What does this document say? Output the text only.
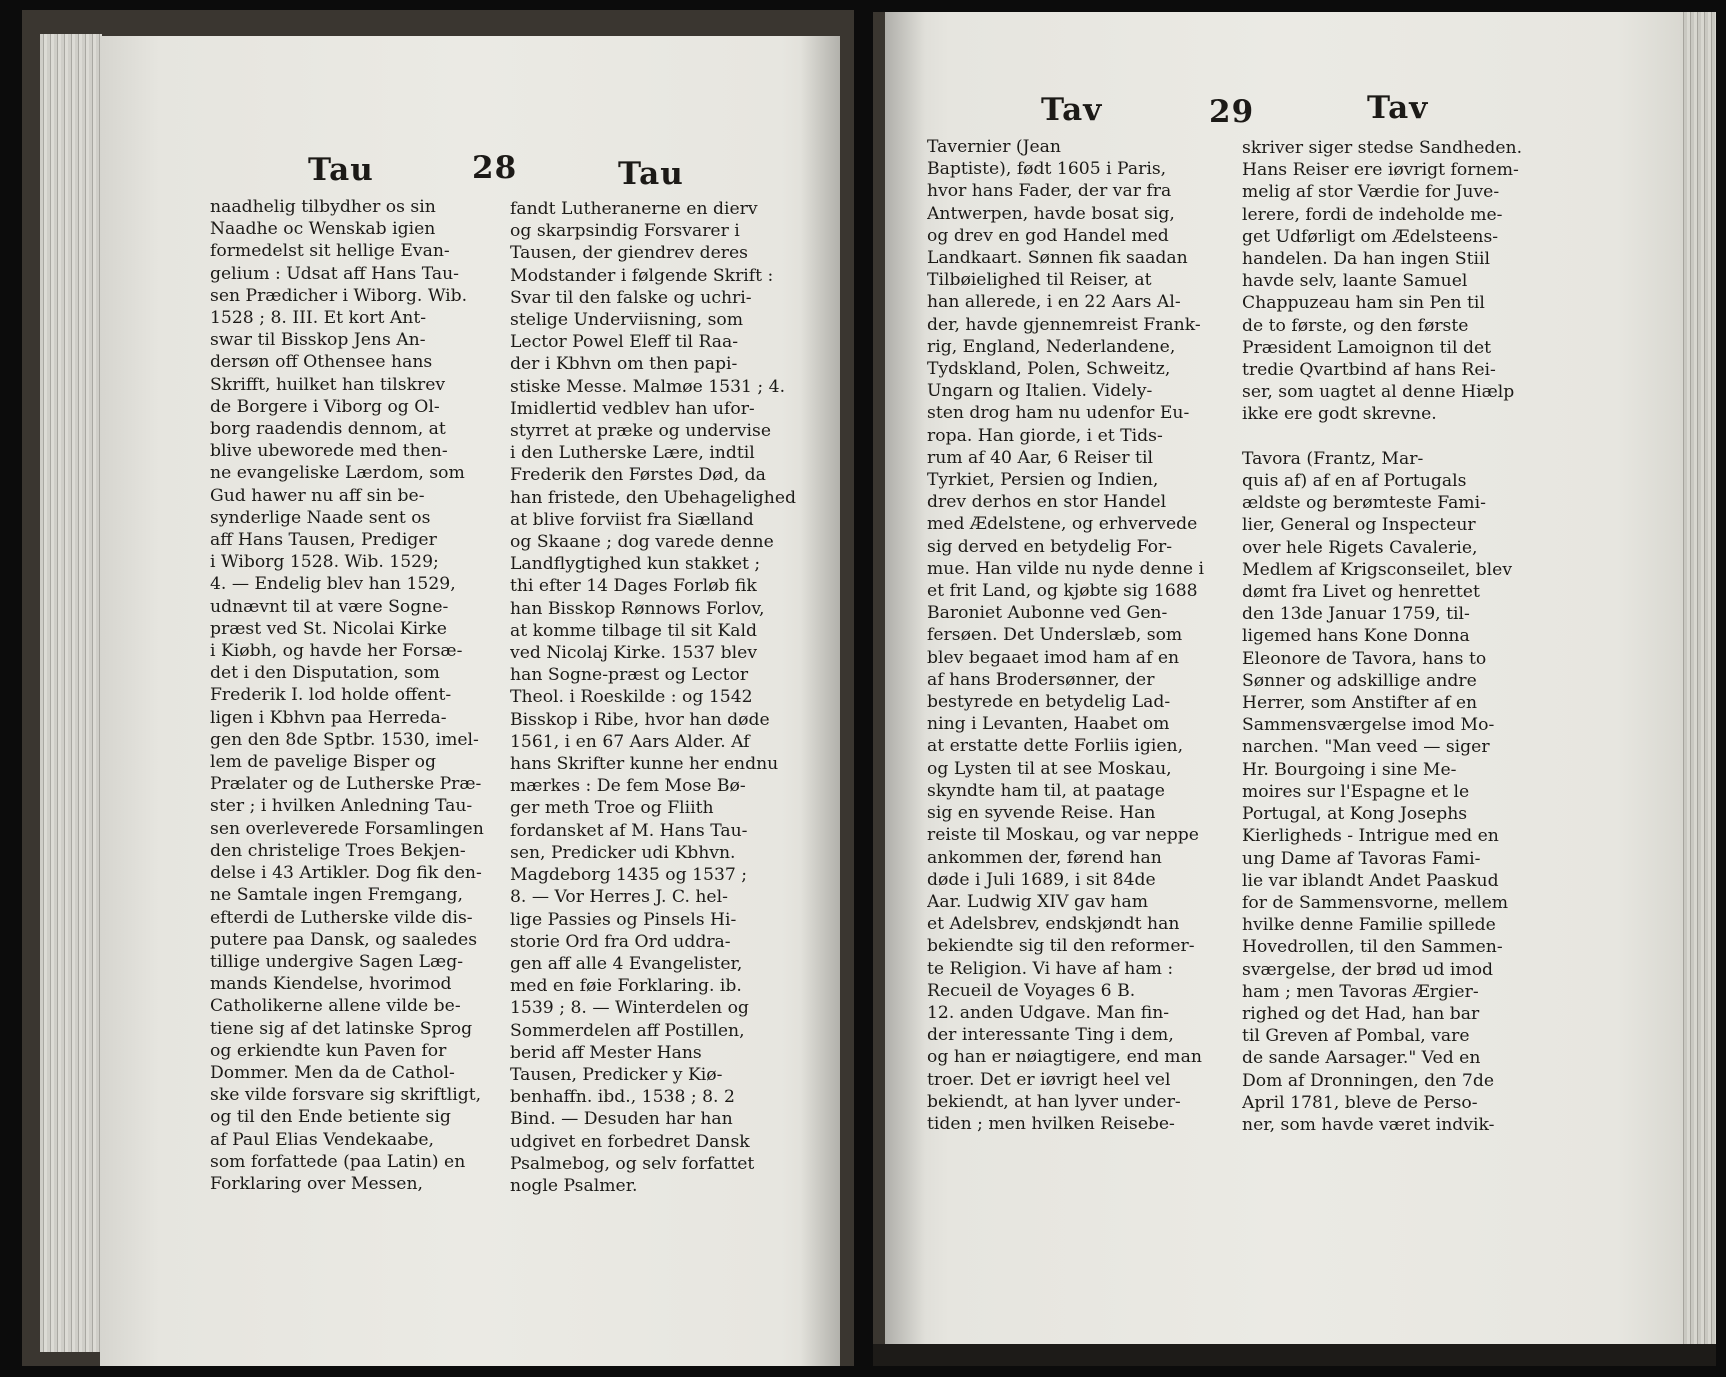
Tau	28	Tau
naadhelig tilbydher os sin
Naadhe oc Wenskab igien
formedelst sit hellige Evan-
gelium : Udsat aff Hans Tau-
sen Prædicher i Wiborg. Wib.
1528 ; 8. III. Et kort Ant-
swar til Bisskop Jens An-
dersøn off Othensee hans
Skrifft, huilket han tilskrev
de Borgere i Viborg og Ol-
borg raadendis dennom, at
blive ubeworede med then-
ne evangeliske Lærdom, som
Gud hawer nu aff sin be-
synderlige Naade sent os
aff Hans Tausen, Prediger
i Wiborg 1528. Wib. 1529;
4. — Endelig blev han 1529,
udnævnt til at være Sogne-
præst ved St. Nicolai Kirke
i Kiøbh, og havde her Forsæ-
det i den Disputation, som
Frederik I. lod holde offent-
ligen i Kbhvn paa Herreda-
gen den 8de Sptbr. 1530, imel-
lem de pavelige Bisper og
Prælater og de Lutherske Præ-
ster ; i hvilken Anledning Tau-
sen overleverede Forsamlingen
den christelige Troes Bekjen-
delse i 43 Artikler. Dog fik den-
ne Samtale ingen Fremgang,
efterdi de Lutherske vilde dis-
putere paa Dansk, og saaledes
tillige undergive Sagen Læg-
mands Kiendelse, hvorimod
Catholikerne allene vilde be-
tiene sig af det latinske Sprog
og erkiendte kun Paven for
Dommer. Men da de Cathol-
ske vilde forsvare sig skriftligt,
og til den Ende betiente sig
af Paul Elias Vendekaabe,
som forfattede (paa Latin) en
Forklaring over Messen,
fandt Lutheranerne en dierv
og skarpsindig Forsvarer i
Tausen, der giendrev deres
Modstander i følgende Skrift :
Svar til den falske og uchri-
stelige Underviisning, som
Lector Powel Eleff til Raa-
der i Kbhvn om then papi-
stiske Messe. Malmøe 1531 ; 4.
Imidlertid vedblev han ufor-
styrret at præke og undervise
i den Lutherske Lære, indtil
Frederik den Førstes Død, da
han fristede, den Ubehagelighed
at blive forviist fra Siælland
og Skaane ; dog varede denne
Landflygtighed kun stakket ;
thi efter 14 Dages Forløb fik
han Bisskop Rønnows Forlov,
at komme tilbage til sit Kald
ved Nicolaj Kirke. 1537 blev
han Sogne-præst og Lector
Theol. i Roeskilde : og 1542
Bisskop i Ribe, hvor han døde
1561, i en 67 Aars Alder. Af
hans Skrifter kunne her endnu
mærkes : De fem Mose Bø-
ger meth Troe og Fliith
fordansket af M. Hans Tau-
sen, Predicker udi Kbhvn.
Magdeborg 1435 og 1537 ;
8. — Vor Herres J. C. hel-
lige Passies og Pinsels Hi-
storie Ord fra Ord uddra-
gen aff alle 4 Evangelister,
med en føie Forklaring. ib.
1539 ; 8. — Winterdelen og
Sommerdelen aff Postillen,
berid aff Mester Hans
Tausen, Predicker y Kiø-
benhaffn. ibd., 1538 ; 8. 2
Bind. — Desuden har han
udgivet en forbedret Dansk
Psalmebog, og selv forfattet
nogle Psalmer.
Tav	29	Tav
Tavernier (Jean
Baptiste), født 1605 i Paris,
hvor hans Fader, der var fra
Antwerpen, havde bosat sig,
og drev en god Handel med
Landkaart. Sønnen fik saadan
Tilbøielighed til Reiser, at
han allerede, i en 22 Aars Al-
der, havde gjennemreist Frank-
rig, England, Nederlandene,
Tydskland, Polen, Schweitz,
Ungarn og Italien. Videly-
sten drog ham nu udenfor Eu-
ropa. Han giorde, i et Tids-
rum af 40 Aar, 6 Reiser til
Tyrkiet, Persien og Indien,
drev derhos en stor Handel
med Ædelstene, og erhvervede
sig derved en betydelig For-
mue. Han vilde nu nyde denne i
et frit Land, og kjøbte sig 1688
Baroniet Aubonne ved Gen-
fersøen. Det Underslæb, som
blev begaaet imod ham af en
af hans Brodersønner, der
bestyrede en betydelig Lad-
ning i Levanten, Haabet om
at erstatte dette Forliis igien,
og Lysten til at see Moskau,
skyndte ham til, at paatage
sig en syvende Reise. Han
reiste til Moskau, og var neppe
ankommen der, førend han
døde i Juli 1689, i sit 84de
Aar. Ludwig XIV gav ham
et Adelsbrev, endskjøndt han
bekiendte sig til den reformer-
te Religion. Vi have af ham :
Recueil de Voyages 6 B.
12. anden Udgave. Man fin-
der interessante Ting i dem,
og han er nøiagtigere, end man
troer. Det er iøvrigt heel vel
bekiendt, at han lyver under-
tiden ; men hvilken Reisebe-
skriver siger stedse Sandheden.
Hans Reiser ere iøvrigt fornem-
melig af stor Værdie for Juve-
lerere, fordi de indeholde me-
get Udførligt om Ædelsteens-
handelen. Da han ingen Stiil
havde selv, laante Samuel
Chappuzeau ham sin Pen til
de to første, og den første
Præsident Lamoignon til det
tredie Qvartbind af hans Rei-
ser, som uagtet al denne Hiælp
ikke ere godt skrevne.

Tavora (Frantz, Mar-
quis af) af en af Portugals
ældste og berømteste Fami-
lier, General og Inspecteur
over hele Rigets Cavalerie,
Medlem af Krigsconseilet, blev
dømt fra Livet og henrettet
den 13de Januar 1759, til-
ligemed hans Kone Donna
Eleonore de Tavora, hans to
Sønner og adskillige andre
Herrer, som Anstifter af en
Sammensværgelse imod Mo-
narchen. "Man veed — siger
Hr. Bourgoing i sine Me-
moires sur l'Espagne et le
Portugal, at Kong Josephs
Kierligheds - Intrigue med en
ung Dame af Tavoras Fami-
lie var iblandt Andet Paaskud
for de Sammensvorne, mellem
hvilke denne Familie spillede
Hovedrollen, til den Sammen-
sværgelse, der brød ud imod
ham ; men Tavoras Ærgier-
righed og det Had, han bar
til Greven af Pombal, vare
de sande Aarsager." Ved en
Dom af Dronningen, den 7de
April 1781, bleve de Perso-
ner, som havde været indvik-
